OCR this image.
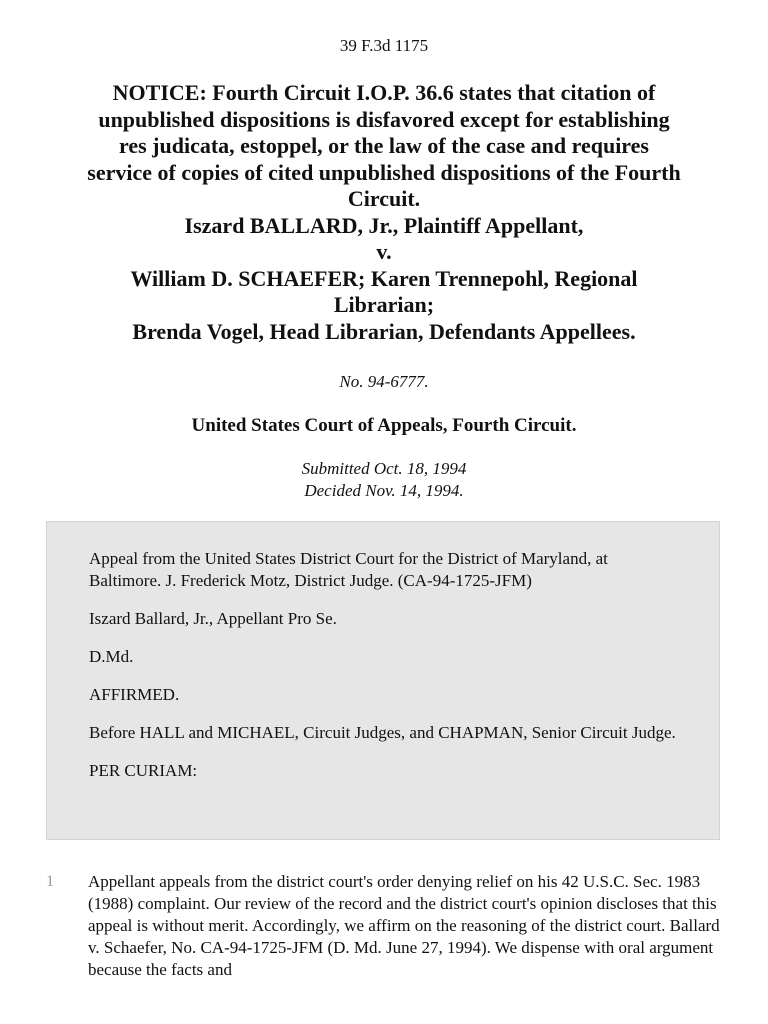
39 F.3d 1175
NOTICE: Fourth Circuit I.O.P. 36.6 states that citation of
unpublished dispositions is disfavored except for establishing
res judicata, estoppel, or the law of the case and requires
service of copies of cited unpublished dispositions of the Fourth
Circuit.
Iszard BALLARD, Jr., Plaintiff Appellant,
v.
William D. SCHAEFER; Karen Trennepohl, Regional
Librarian;
Brenda Vogel, Head Librarian, Defendants Appellees.
No. 94-6777.
United States Court of Appeals, Fourth Circuit.
Submitted Oct. 18, 1994
Decided Nov. 14, 1994.

Appeal from the United States District Court for the District of Maryland, at Baltimore. J. Frederick Motz, District Judge. (CA-94-1725-JFM)

Iszard Ballard, Jr., Appellant Pro Se.

D.Md.

AFFIRMED.

Before HALL and MICHAEL, Circuit Judges, and CHAPMAN, Senior Circuit Judge.

PER CURIAM:

1 Appellant appeals from the district court's order denying relief on his 42 U.S.C. Sec. 1983 (1988) complaint. Our review of the record and the district court's opinion discloses that this appeal is without merit. Accordingly, we affirm on the reasoning of the district court. Ballard v. Schaefer, No. CA-94-1725-JFM (D. Md. June 27, 1994). We dispense with oral argument because the facts and
